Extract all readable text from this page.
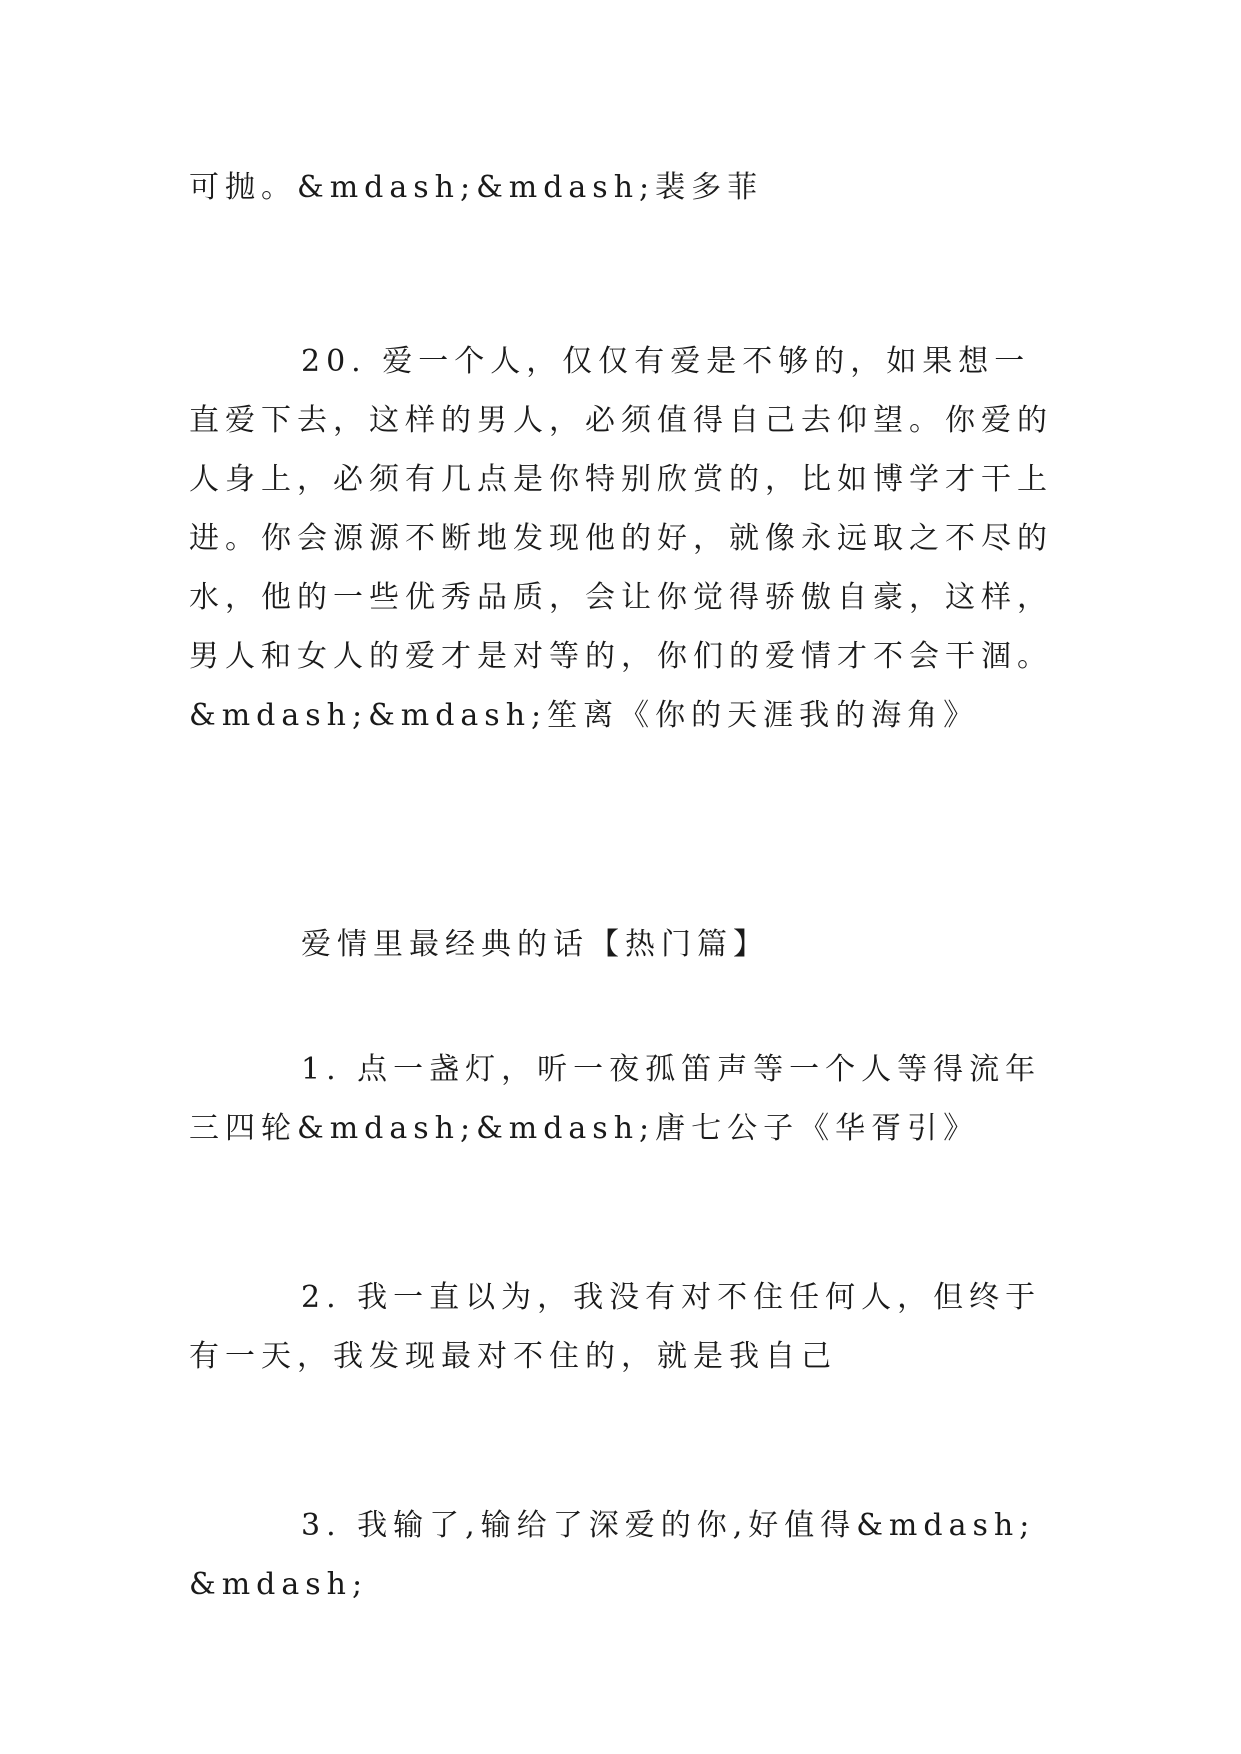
可抛。&mdash;&mdash;裴多菲

20. 爱一个人，仅仅有爱是不够的，如果想一直爱下去，这样的男人，必须值得自己去仰望。你爱的人身上，必须有几点是你特别欣赏的，比如博学才干上进。你会源源不断地发现他的好，就像永远取之不尽的水，他的一些优秀品质，会让你觉得骄傲自豪，这样，男人和女人的爱才是对等的，你们的爱情才不会干涸。&mdash;&mdash;笙离《你的天涯我的海角》

爱情里最经典的话【热门篇】

1. 点一盏灯，听一夜孤笛声等一个人等得流年三四轮&mdash;&mdash;唐七公子《华胥引》

2. 我一直以为，我没有对不住任何人，但终于有一天，我发现最对不住的，就是我自己

3. 我输了,输给了深爱的你,好值得&mdash;&mdash;
